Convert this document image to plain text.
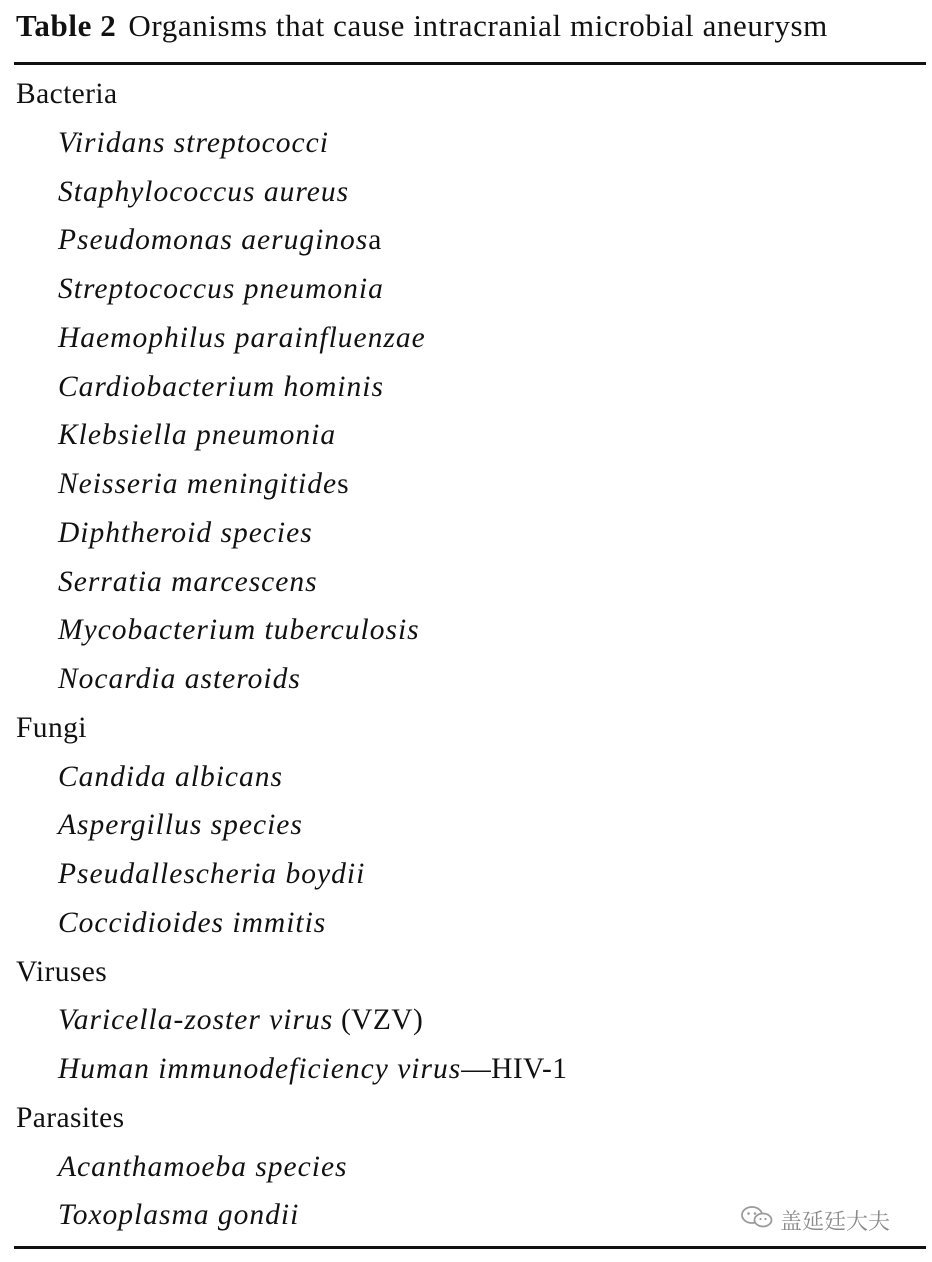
Table 2 Organisms that cause intracranial microbial aneurysm
Bacteria
Viridans streptococci
Staphylococcus aureus
Pseudomonas aeruginosa
Streptococcus pneumonia
Haemophilus parainfluenzae
Cardiobacterium hominis
Klebsiella pneumonia
Neisseria meningitides
Diphtheroid species
Serratia marcescens
Mycobacterium tuberculosis
Nocardia asteroids
Fungi
Candida albicans
Aspergillus species
Pseudallescheria boydii
Coccidioides immitis
Viruses
Varicella-zoster virus (VZV)
Human immunodeficiency virus—HIV-1
Parasites
Acanthamoeba species
Toxoplasma gondii	盖延廷大夫
